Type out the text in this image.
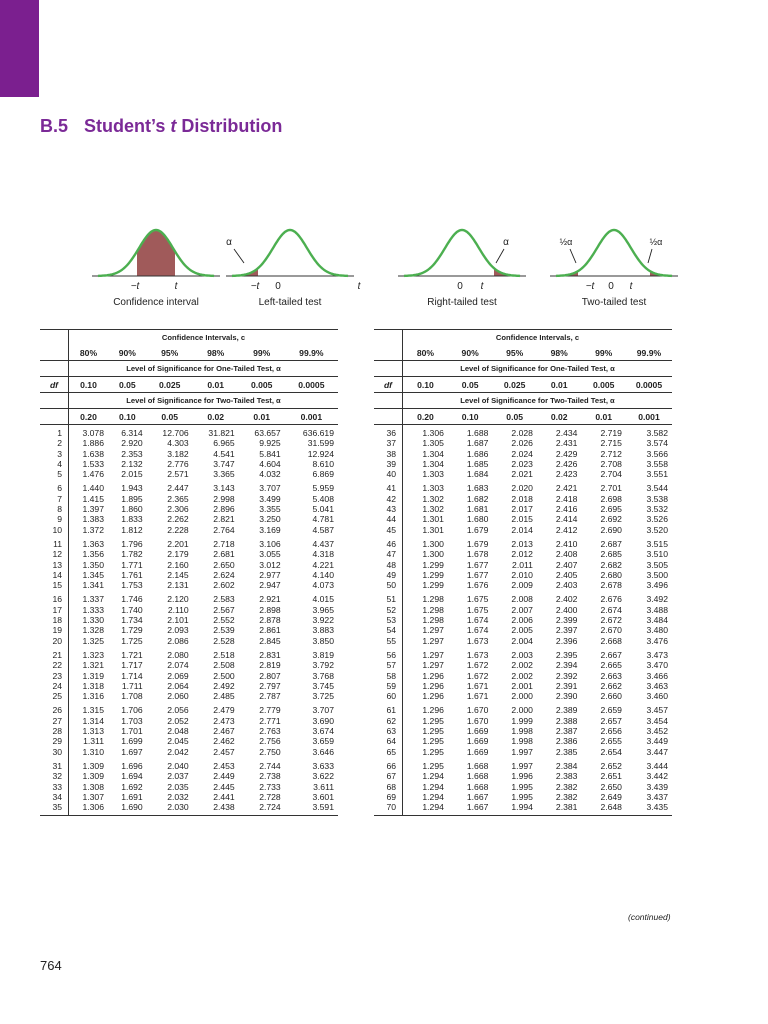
B.5 Student’s t Distribution
Confidence interval
−t	t
Left-tailed test
α
−t 0	t
Right-tailed test
α
0 t
Two-tailed test
½α	½α
−t 0 t
	Confidence Intervals, c					
	80%	90%	95%	98%	99%	99.9%
	Level of Significance for One-Tailed Test, α					
df	0.10	0.05	0.025	0.01	0.005	0.0005
	Level of Significance for Two-Tailed Test, α					
	0.20	0.10	0.05	0.02	0.01	0.001
1	3.078	6.314	12.706	31.821	63.657	636.619
2	1.886	2.920	4.303	6.965	9.925	31.599
3	1.638	2.353	3.182	4.541	5.841	12.924
4	1.533	2.132	2.776	3.747	4.604	8.610
5	1.476	2.015	2.571	3.365	4.032	6.869
6	1.440	1.943	2.447	3.143	3.707	5.959
7	1.415	1.895	2.365	2.998	3.499	5.408
8	1.397	1.860	2.306	2.896	3.355	5.041
9	1.383	1.833	2.262	2.821	3.250	4.781
10	1.372	1.812	2.228	2.764	3.169	4.587
11	1.363	1.796	2.201	2.718	3.106	4.437
12	1.356	1.782	2.179	2.681	3.055	4.318
13	1.350	1.771	2.160	2.650	3.012	4.221
14	1.345	1.761	2.145	2.624	2.977	4.140
15	1.341	1.753	2.131	2.602	2.947	4.073
16	1.337	1.746	2.120	2.583	2.921	4.015
17	1.333	1.740	2.110	2.567	2.898	3.965
18	1.330	1.734	2.101	2.552	2.878	3.922
19	1.328	1.729	2.093	2.539	2.861	3.883
20	1.325	1.725	2.086	2.528	2.845	3.850
21	1.323	1.721	2.080	2.518	2.831	3.819
22	1.321	1.717	2.074	2.508	2.819	3.792
23	1.319	1.714	2.069	2.500	2.807	3.768
24	1.318	1.711	2.064	2.492	2.797	3.745
25	1.316	1.708	2.060	2.485	2.787	3.725
26	1.315	1.706	2.056	2.479	2.779	3.707
27	1.314	1.703	2.052	2.473	2.771	3.690
28	1.313	1.701	2.048	2.467	2.763	3.674
29	1.311	1.699	2.045	2.462	2.756	3.659
30	1.310	1.697	2.042	2.457	2.750	3.646
31	1.309	1.696	2.040	2.453	2.744	3.633
32	1.309	1.694	2.037	2.449	2.738	3.622
33	1.308	1.692	2.035	2.445	2.733	3.611
34	1.307	1.691	2.032	2.441	2.728	3.601
35	1.306	1.690	2.030	2.438	2.724	3.591
	Confidence Intervals, c					
	80%	90%	95%	98%	99%	99.9%
	Level of Significance for One-Tailed Test, α					
df	0.10	0.05	0.025	0.01	0.005	0.0005
	Level of Significance for Two-Tailed Test, α					
	0.20	0.10	0.05	0.02	0.01	0.001
36	1.306	1.688	2.028	2.434	2.719	3.582
37	1.305	1.687	2.026	2.431	2.715	3.574
38	1.304	1.686	2.024	2.429	2.712	3.566
39	1.304	1.685	2.023	2.426	2.708	3.558
40	1.303	1.684	2.021	2.423	2.704	3.551
41	1.303	1.683	2.020	2.421	2.701	3.544
42	1.302	1.682	2.018	2.418	2.698	3.538
43	1.302	1.681	2.017	2.416	2.695	3.532
44	1.301	1.680	2.015	2.414	2.692	3.526
45	1.301	1.679	2.014	2.412	2.690	3.520
46	1.300	1.679	2.013	2.410	2.687	3.515
47	1.300	1.678	2.012	2.408	2.685	3.510
48	1.299	1.677	2.011	2.407	2.682	3.505
49	1.299	1.677	2.010	2.405	2.680	3.500
50	1.299	1.676	2.009	2.403	2.678	3.496
51	1.298	1.675	2.008	2.402	2.676	3.492
52	1.298	1.675	2.007	2.400	2.674	3.488
53	1.298	1.674	2.006	2.399	2.672	3.484
54	1.297	1.674	2.005	2.397	2.670	3.480
55	1.297	1.673	2.004	2.396	2.668	3.476
56	1.297	1.673	2.003	2.395	2.667	3.473
57	1.297	1.672	2.002	2.394	2.665	3.470
58	1.296	1.672	2.002	2.392	2.663	3.466
59	1.296	1.671	2.001	2.391	2.662	3.463
60	1.296	1.671	2.000	2.390	2.660	3.460
61	1.296	1.670	2.000	2.389	2.659	3.457
62	1.295	1.670	1.999	2.388	2.657	3.454
63	1.295	1.669	1.998	2.387	2.656	3.452
64	1.295	1.669	1.998	2.386	2.655	3.449
65	1.295	1.669	1.997	2.385	2.654	3.447
66	1.295	1.668	1.997	2.384	2.652	3.444
67	1.294	1.668	1.996	2.383	2.651	3.442
68	1.294	1.668	1.995	2.382	2.650	3.439
69	1.294	1.667	1.995	2.382	2.649	3.437
70	1.294	1.667	1.994	2.381	2.648	3.435
(continued)
764
